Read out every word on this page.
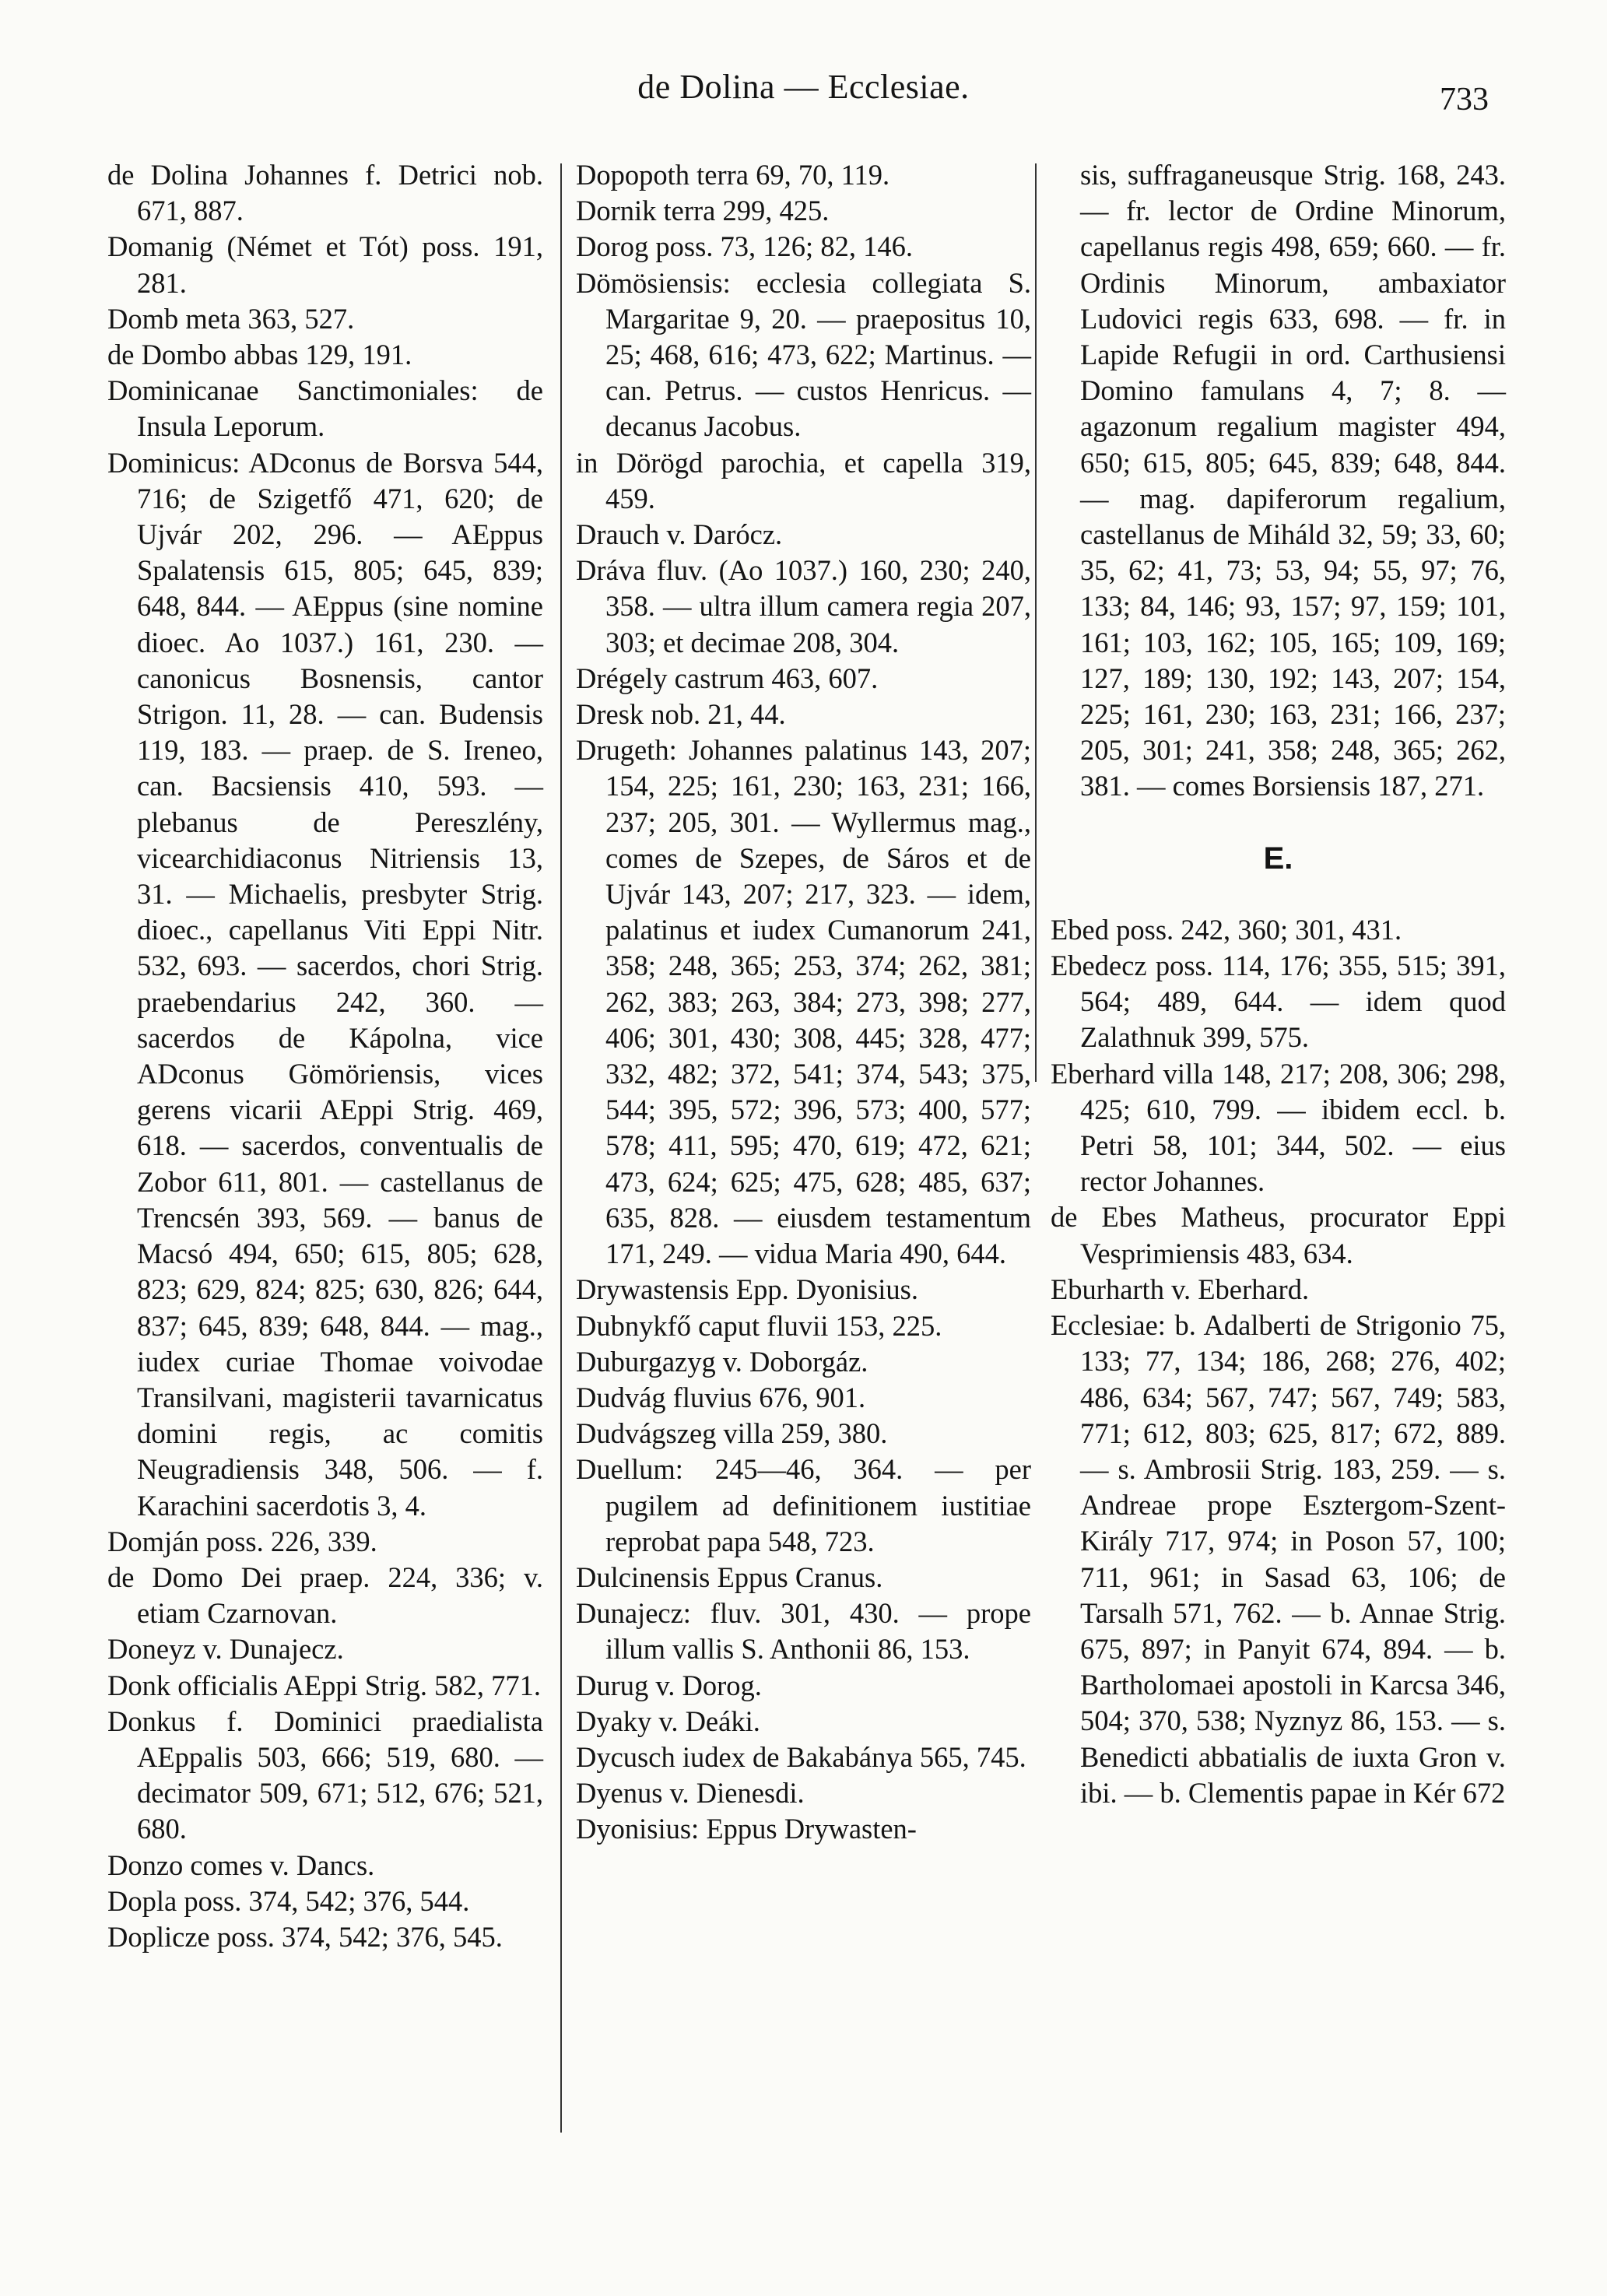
de Dolina — Ecclesiae.	733

de Dolina Johannes f. Detrici nob. 671, 887.

Domanig (Német et Tót) poss. 191, 281.

Domb meta 363, 527.

de Dombo abbas 129, 191.

Dominicanae Sanctimoniales: de Insula Leporum.

Dominicus: ADconus de Borsva 544, 716; de Szigetfő 471, 620; de Ujvár 202, 296. — AEppus Spalatensis 615, 805; 645, 839; 648, 844. — AEppus (sine nomine dioec. Ao 1037.) 161, 230. — canonicus Bosnensis, cantor Strigon. 11, 28. — can. Budensis 119, 183. — praep. de S. Ireneo, can. Bacsiensis 410, 593. — plebanus de Pereszlény, vicearchidiaconus Nitriensis 13, 31. — Michaelis, presbyter Strig. dioec., capellanus Viti Eppi Nitr. 532, 693. — sacerdos, chori Strig. praebendarius 242, 360. — sacerdos de Kápolna, vice ADconus Gömöriensis, vices gerens vicarii AEppi Strig. 469, 618. — sacerdos, conventualis de Zobor 611, 801. — castellanus de Trencsén 393, 569. — banus de Macsó 494, 650; 615, 805; 628, 823; 629, 824; 825; 630, 826; 644, 837; 645, 839; 648, 844. — mag., iudex curiae Thomae voivodae Transilvani, magisterii tavarnicatus domini regis, ac comitis Neugradiensis 348, 506. — f. Karachini sacerdotis 3, 4.

Domján poss. 226, 339.

de Domo Dei praep. 224, 336; v. etiam Czarnovan.

Doneyz v. Dunajecz.

Donk officialis AEppi Strig. 582, 771.

Donkus f. Dominici praedialista AEppalis 503, 666; 519, 680. — decimator 509, 671; 512, 676; 521, 680.

Donzo comes v. Dancs.

Dopla poss. 374, 542; 376, 544.

Doplicze poss. 374, 542; 376, 545.

Dopopoth terra 69, 70, 119.

Dornik terra 299, 425.

Dorog poss. 73, 126; 82, 146.

Dömösiensis: ecclesia collegiata S. Margaritae 9, 20. — praepositus 10, 25; 468, 616; 473, 622; Martinus. — can. Petrus. — custos Henricus. — decanus Jacobus.

in Dörögd parochia, et capella 319, 459.

Drauch v. Darócz.

Dráva fluv. (Ao 1037.) 160, 230; 240, 358. — ultra illum camera regia 207, 303; et decimae 208, 304.

Drégely castrum 463, 607.

Dresk nob. 21, 44.

Drugeth: Johannes palatinus 143, 207; 154, 225; 161, 230; 163, 231; 166, 237; 205, 301. — Wyllermus mag., comes de Szepes, de Sáros et de Ujvár 143, 207; 217, 323. — idem, palatinus et iudex Cumanorum 241, 358; 248, 365; 253, 374; 262, 381; 262, 383; 263, 384; 273, 398; 277, 406; 301, 430; 308, 445; 328, 477; 332, 482; 372, 541; 374, 543; 375, 544; 395, 572; 396, 573; 400, 577; 578; 411, 595; 470, 619; 472, 621; 473, 624; 625; 475, 628; 485, 637; 635, 828. — eiusdem testamentum 171, 249. — vidua Maria 490, 644.

Drywastensis Epp. Dyonisius.

Dubnykfő caput fluvii 153, 225.

Duburgazyg v. Doborgáz.

Dudvág fluvius 676, 901.

Dudvágszeg villa 259, 380.

Duellum: 245—46, 364. — per pugilem ad definitionem iustitiae reprobat papa 548, 723.

Dulcinensis Eppus Cranus.

Dunajecz: fluv. 301, 430. — prope illum vallis S. Anthonii 86, 153.

Durug v. Dorog.

Dyaky v. Deáki.

Dycusch iudex de Bakabánya 565, 745.

Dyenus v. Dienesdi.

Dyonisius: Eppus Drywasten-

sis, suffraganeusque Strig. 168, 243. — fr. lector de Ordine Minorum, capellanus regis 498, 659; 660. — fr. Ordinis Minorum, ambaxiator Ludovici regis 633, 698. — fr. in Lapide Refugii in ord. Carthusiensi Domino famulans 4, 7; 8. — agazonum regalium magister 494, 650; 615, 805; 645, 839; 648, 844. — mag. dapiferorum regalium, castellanus de Miháld 32, 59; 33, 60; 35, 62; 41, 73; 53, 94; 55, 97; 76, 133; 84, 146; 93, 157; 97, 159; 101, 161; 103, 162; 105, 165; 109, 169; 127, 189; 130, 192; 143, 207; 154, 225; 161, 230; 163, 231; 166, 237; 205, 301; 241, 358; 248, 365; 262, 381. — comes Borsiensis 187, 271.

E.

Ebed poss. 242, 360; 301, 431.

Ebedecz poss. 114, 176; 355, 515; 391, 564; 489, 644. — idem quod Zalathnuk 399, 575.

Eberhard villa 148, 217; 208, 306; 298, 425; 610, 799. — ibidem eccl. b. Petri 58, 101; 344, 502. — eius rector Johannes.

de Ebes Matheus, procurator Eppi Vesprimiensis 483, 634.

Eburharth v. Eberhard.

Ecclesiae: b. Adalberti de Strigonio 75, 133; 77, 134; 186, 268; 276, 402; 486, 634; 567, 747; 567, 749; 583, 771; 612, 803; 625, 817; 672, 889. — s. Ambrosii Strig. 183, 259. — s. Andreae prope Esztergom-Szent-Király 717, 974; in Poson 57, 100; 711, 961; in Sasad 63, 106; de Tarsalh 571, 762. — b. Annae Strig. 675, 897; in Panyit 674, 894. — b. Bartholomaei apostoli in Karcsa 346, 504; 370, 538; Nyznyz 86, 153. — s. Benedicti abbatialis de iuxta Gron v. ibi. — b. Clementis papae in Kér 672
